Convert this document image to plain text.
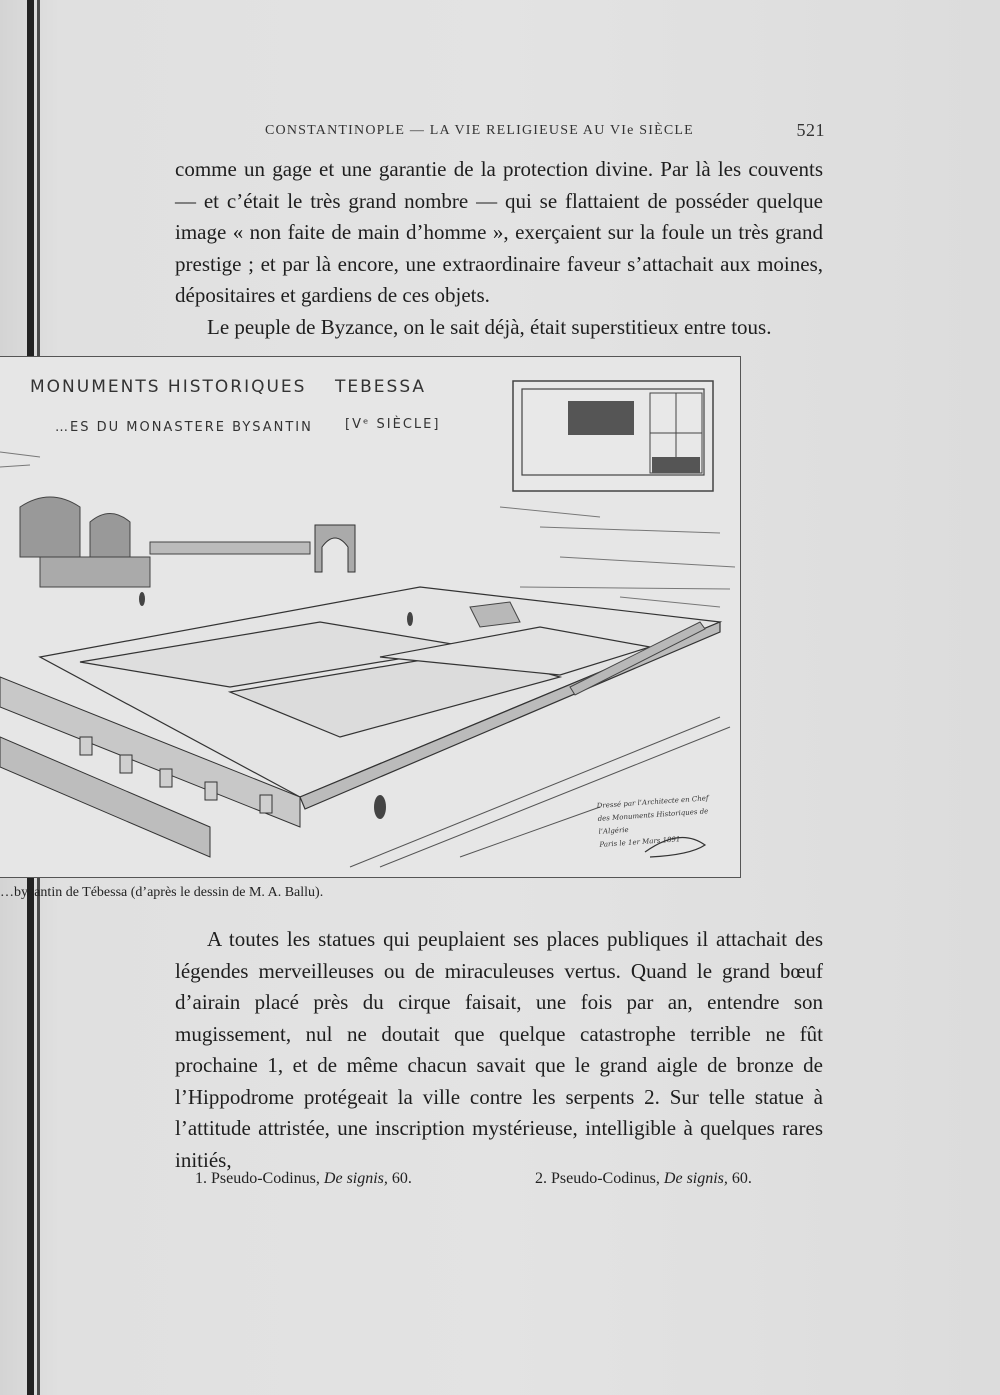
CONSTANTINOPLE — LA VIE RELIGIEUSE AU VIe SIÈCLE	521

comme un gage et une garantie de la protection divine. Par là les couvents — et c’était le très grand nombre — qui se flattaient de posséder quelque image « non faite de main d’homme », exerçaient sur la foule un très grand prestige ; et par là encore, une extraordinaire faveur s’attachait aux moines, dépositaires et gardiens de ces objets.

Le peuple de Byzance, on le sait déjà, était superstitieux entre tous.

MONUMENTS HISTORIQUES TEBESSA
…ES DU MONASTERE BYSANTIN [Vᵉ SIÈCLE]
Dressé par l’Architecte en Chef
des Monuments Historiques de l’Algérie
Paris le 1er Mars 1891
…byzantin de Tébessa (d’après le dessin de M. A. Ballu).

A toutes les statues qui peuplaient ses places publiques il attachait des légendes merveilleuses ou de miraculeuses vertus. Quand le grand bœuf d’airain placé près du cirque faisait, une fois par an, entendre son mugissement, nul ne doutait que quelque catastrophe terrible ne fût prochaine 1, et de même chacun savait que le grand aigle de bronze de l’Hippodrome protégeait la ville contre les serpents 2. Sur telle statue à l’attitude attristée, une inscription mystérieuse, intelligible à quelques rares initiés,

1. Pseudo-Codinus, De signis, 60.	2. Pseudo-Codinus, De signis, 60.
